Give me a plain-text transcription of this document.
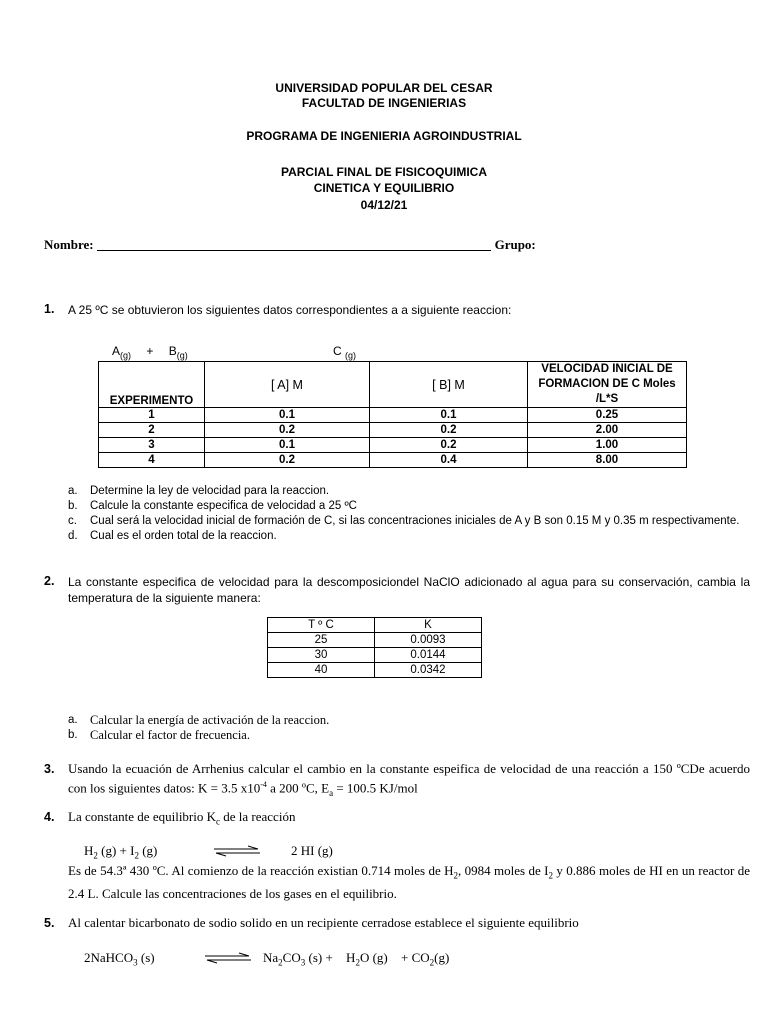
UNIVERSIDAD POPULAR DEL CESAR
FACULTAD DE INGENIERIAS
PROGRAMA DE INGENIERIA AGROINDUSTRIAL
PARCIAL FINAL DE FISICOQUIMICA
CINETICA Y EQUILIBRIO
04/12/21
Nombre:	Grupo:
1. A 25 ºC se obtuvieron los siguientes datos correspondientes a a siguiente reaccion:
$A_{(g)} + B_{(g)}$	C $_{(g)}$
EXPERIMENTO	[ A] M	[ B] M	VELOCIDAD INICIAL DE FORMACION DE C Moles /L*S
1	0.1	0.1	0.25
2	0.2	0.2	2.00
3	0.1	0.2	1.00
4	0.2	0.4	8.00
a. Determine la ley de velocidad para la reaccion.
b. Calcule la constante especifica de velocidad a 25 ºC
c. Cual será la velocidad inicial de formación de C, si las concentraciones iniciales de A y B son 0.15 M y 0.35 m respectivamente.
d. Cual es el orden total de la reaccion.
2. La constante especifica de velocidad para la descomposiciondel NaClO adicionado al agua para su conservación, cambia la temperatura de la siguiente manera:
T º C	K
25	0.0093
30	0.0144
40	0.0342
a. Calcular la energía de activación de la reaccion.
b. Calcular el factor de frecuencia.
3. Usando la ecuación de Arrhenius calcular el cambio en la constante espeifica de velocidad de una reacción a 150 ºCDe acuerdo con los siguientes datos: K = 3.5 $x10^{-4}$ a 200 ºC, $E_a = 100.5$ KJ/mol
4. La constante de equilibrio $K_c$ de la reacción
$H_2$ $(g) + I_2$ (g)	2 HI (g)
Es de 54.3ª 430 ºC. Al comienzo de la reacción existian 0.714 moles de $H_2$, 0984 moles de $I_2$ y 0.886 moles de HI en un reactor de 2.4 L. Calcule las concentraciones de los gases en el equilibrio.
5. Al calentar bicarbonato de sodio solido en un recipiente cerradose establece el siguiente equilibrio
2NaHCO$_3$ (s)	⇌ $Na_2CO_3$ $(s) + H_2O$ $(g) + CO_2(g)$
